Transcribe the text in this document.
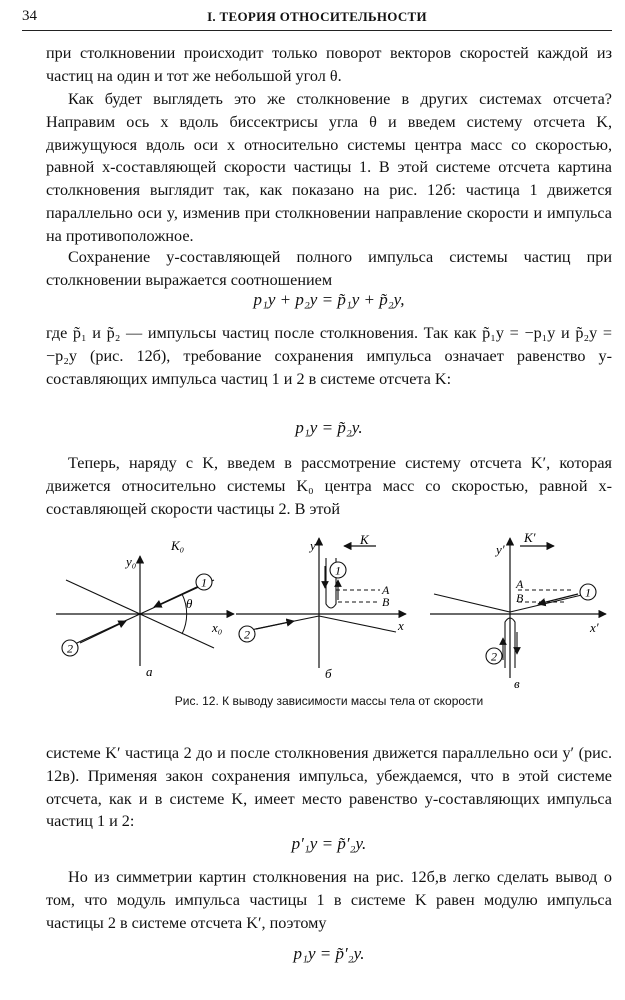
34	I. ТЕОРИЯ ОТНОСИТЕЛЬНОСТИ

при столкновении происходит только поворот векторов скоростей каждой из частиц на один и тот же небольшой угол θ.

Как будет выглядеть это же столкновение в других системах отсчета? Направим ось x вдоль биссектрисы угла θ и введем систему отсчета K, движущуюся вдоль оси x относительно системы центра масс со скоростью, равной x-составляющей скорости частицы 1. В этой системе отсчета картина столкновения выглядит так, как показано на рис. 12б: частица 1 движется параллельно оси y, изменив при столкновении направление скорости и импульса на противоположное.

Сохранение y-составляющей полного импульса системы частиц при столкновении выражается соотношением

p₁y + p₂y = p̃₁y + p̃₂y,

где p̃₁ и p̃₂ — импульсы частиц после столкновения. Так как p̃₁y = −p₁y и p̃₂y = −p₂y (рис. 12б), требование сохранения импульса означает равенство y-составляющих импульса частиц 1 и 2 в системе отсчета K:

p₁y = p̃₂y.

Теперь, наряду с K, введем в рассмотрение систему отсчета K′, которая движется относительно системы K₀ центра масс со скоростью, равной x-составляющей скорости частицы 2. В этой

1
2
K₀
y₀
x₀
θ
а
1
2
K
y
x
A
B
б
1
2
K′
y′
x′
A
B
в
Рис. 12. К выводу зависимости массы тела от скорости

системе K′ частица 2 до и после столкновения движется параллельно оси y′ (рис. 12в). Применяя закон сохранения импульса, убеждаемся, что в этой системе отсчета, как и в системе K, имеет место равенство y-составляющих импульса частиц 1 и 2:

p′₁y = p̃′₂y.

Но из симметрии картин столкновения на рис. 12б,в легко сделать вывод о том, что модуль импульса частицы 1 в системе K равен модулю импульса частицы 2 в системе отсчета K′, поэтому

p₁y = p̃′₂y.
